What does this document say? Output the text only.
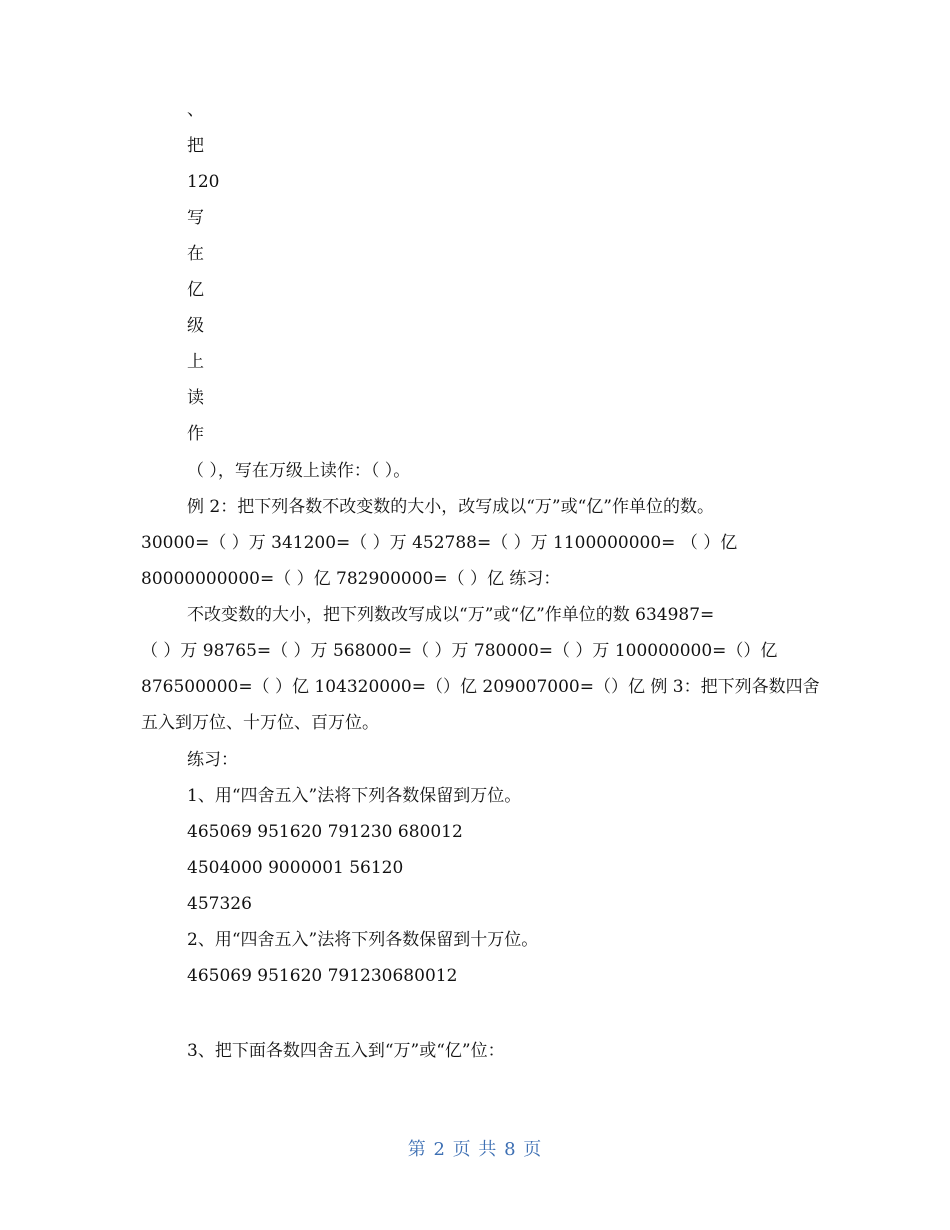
、
把
120
写
在
亿
级
上
读
作
（ ），写在万级上读作：（ ）。
例 2：把下列各数不改变数的大小，改写成以“万”或“亿”作单位的数。
30000=（ ）万 341200=（ ）万 452788=（ ）万 1100000000= （ ）亿
80000000000=（ ）亿 782900000=（ ）亿 练习：
不改变数的大小，把下列数改写成以“万”或“亿”作单位的数 634987=
（ ）万 98765=（ ）万 568000=（ ）万 780000=（ ）万 100000000=（）亿
876500000=（ ）亿 104320000=（）亿 209007000=（）亿 例 3：把下列各数四舍
五入到万位、十万位、百万位。
练习：
1、用“四舍五入”法将下列各数保留到万位。
465069 951620 791230 680012
4504000 9000001 56120
457326
2、用“四舍五入”法将下列各数保留到十万位。
465069 951620 791230680012
3、把下面各数四舍五入到“万”或“亿”位：
第 2 页 共 8 页
